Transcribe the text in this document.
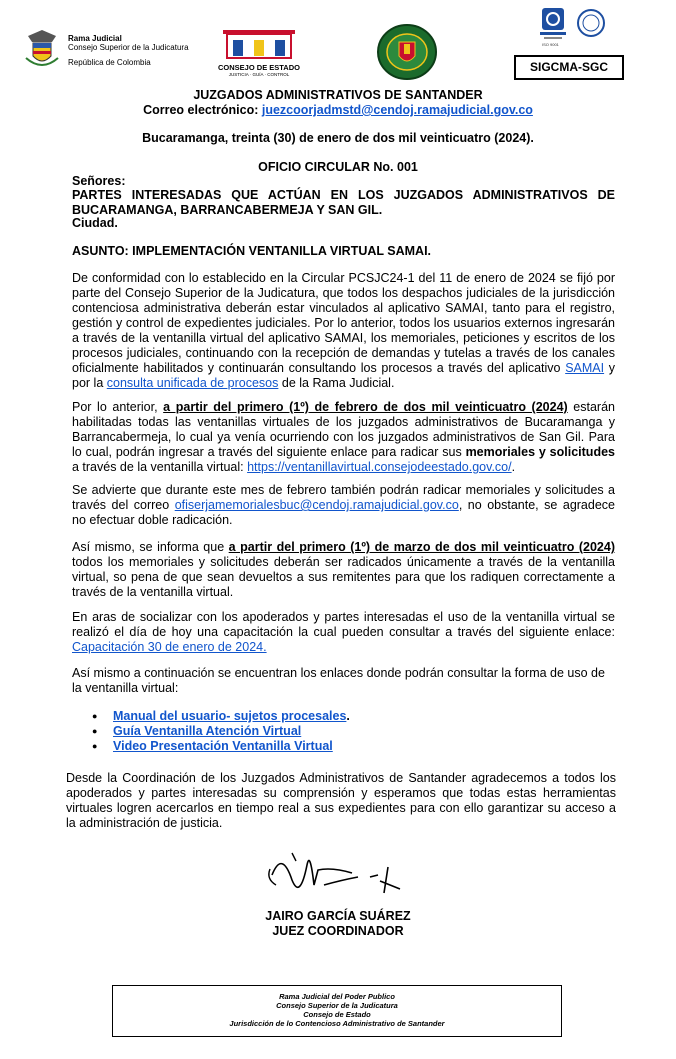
Rama Judicial
Consejo Superior de la Judicatura
República de Colombia
CONSEJO DE ESTADO
JUSTICIA · GUÍA · CONTROL
ISO 9001
SIGCMA-SGC
JUZGADOS ADMINISTRATIVOS DE SANTANDER
Correo electrónico: juezcoorjadmstd@cendoj.ramajudicial.gov.co
Bucaramanga, treinta (30) de enero de dos mil veinticuatro (2024).
OFICIO CIRCULAR No. 001
Señores:
PARTES INTERESADAS QUE ACTÚAN EN LOS JUZGADOS ADMINISTRATIVOS DE BUCARAMANGA, BARRANCABERMEJA Y SAN GIL.
Ciudad.
ASUNTO: IMPLEMENTACIÓN VENTANILLA VIRTUAL SAMAI.
De conformidad con lo establecido en la Circular PCSJC24-1 del 11 de enero de 2024 se fijó por parte del Consejo Superior de la Judicatura, que todos los despachos judiciales de la jurisdicción contenciosa administrativa deberán estar vinculados al aplicativo SAMAI, tanto para el registro, gestión y control de expedientes judiciales. Por lo anterior, todos los usuarios externos ingresarán a través de la ventanilla virtual del aplicativo SAMAI, los memoriales, peticiones y escritos de los procesos judiciales, continuando con la recepción de demandas y tutelas a través de los canales oficialmente habilitados y continuarán consultando los procesos a través del aplicativo SAMAI y por la consulta unificada de procesos de la Rama Judicial.
Por lo anterior, a partir del primero (1º) de febrero de dos mil veinticuatro (2024) estarán habilitadas todas las ventanillas virtuales de los juzgados administrativos de Bucaramanga y Barrancabermeja, lo cual ya venía ocurriendo con los juzgados administrativos de San Gil. Para lo cual, podrán ingresar a través del siguiente enlace para radicar sus memoriales y solicitudes a través de la ventanilla virtual: https://ventanillavirtual.consejodeestado.gov.co/.
Se advierte que durante este mes de febrero también podrán radicar memoriales y solicitudes a través del correo ofiserjamemorialesbuc@cendoj.ramajudicial.gov.co, no obstante, se agradece no efectuar doble radicación.
Así mismo, se informa que a partir del primero (1º) de marzo de dos mil veinticuatro (2024) todos los memoriales y solicitudes deberán ser radicados únicamente a través de la ventanilla virtual, so pena de que sean devueltos a sus remitentes para que los radiquen correctamente a través de la ventanilla virtual.
En aras de socializar con los apoderados y partes interesadas el uso de la ventanilla virtual se realizó el día de hoy una capacitación la cual pueden consultar a través del siguiente enlace: Capacitación 30 de enero de 2024.
Así mismo a continuación se encuentran los enlaces donde podrán consultar la forma de uso de la ventanilla virtual:
● Manual del usuario- sujetos procesales.
● Guía Ventanilla Atención Virtual
● Video Presentación Ventanilla Virtual
Desde la Coordinación de los Juzgados Administrativos de Santander agradecemos a todos los apoderados y partes interesadas su comprensión y esperamos que todas estas herramientas virtuales logren acercarlos en tiempo real a sus expedientes para con ello garantizar su acceso a la administración de justicia.
JAIRO GARCÍA SUÁREZ
JUEZ COORDINADOR
Rama Judicial del Poder Publico
Consejo Superior de la Judicatura
Consejo de Estado
Jurisdicción de lo Contencioso Administrativo de Santander
